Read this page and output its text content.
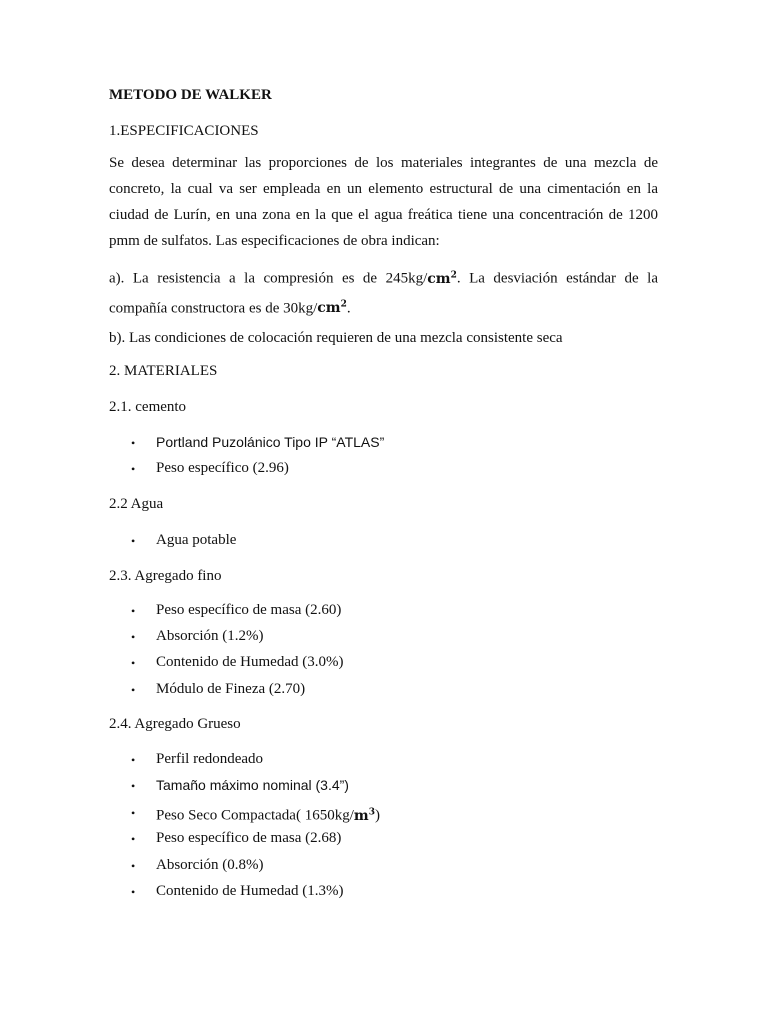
METODO DE WALKER
1.ESPECIFICACIONES
Se desea determinar las proporciones de los materiales integrantes de una mezcla de
concreto, la cual va ser empleada en un elemento estructural de una cimentación en la
ciudad de Lurín, en una zona en la que el agua freática tiene una concentración de 1200
pmm de sulfatos. Las especificaciones de obra indican:
a). La resistencia a la compresión es de $245kg/cm^2$. La desviación estándar de la
compañía constructora es de $30kg/cm^2$.
b). Las condiciones de colocación requieren de una mezcla consistente seca
2. MATERIALES
2.1. cemento
• Portland Puzolánico Tipo IP “ATLAS”
• Peso específico (2.96)
2.2 Agua
• Agua potable
2.3. Agregado fino
• Peso específico de masa (2.60)
• Absorción (1.2%)
• Contenido de Humedad (3.0%)
• Módulo de Fineza (2.70)
2.4. Agregado Grueso
• Perfil redondeado
• Tamaño máximo nominal (3.4”)
• Peso Seco Compactada( $1650kg/m^3$)
• Peso específico de masa (2.68)
• Absorción (0.8%)
• Contenido de Humedad (1.3%)
